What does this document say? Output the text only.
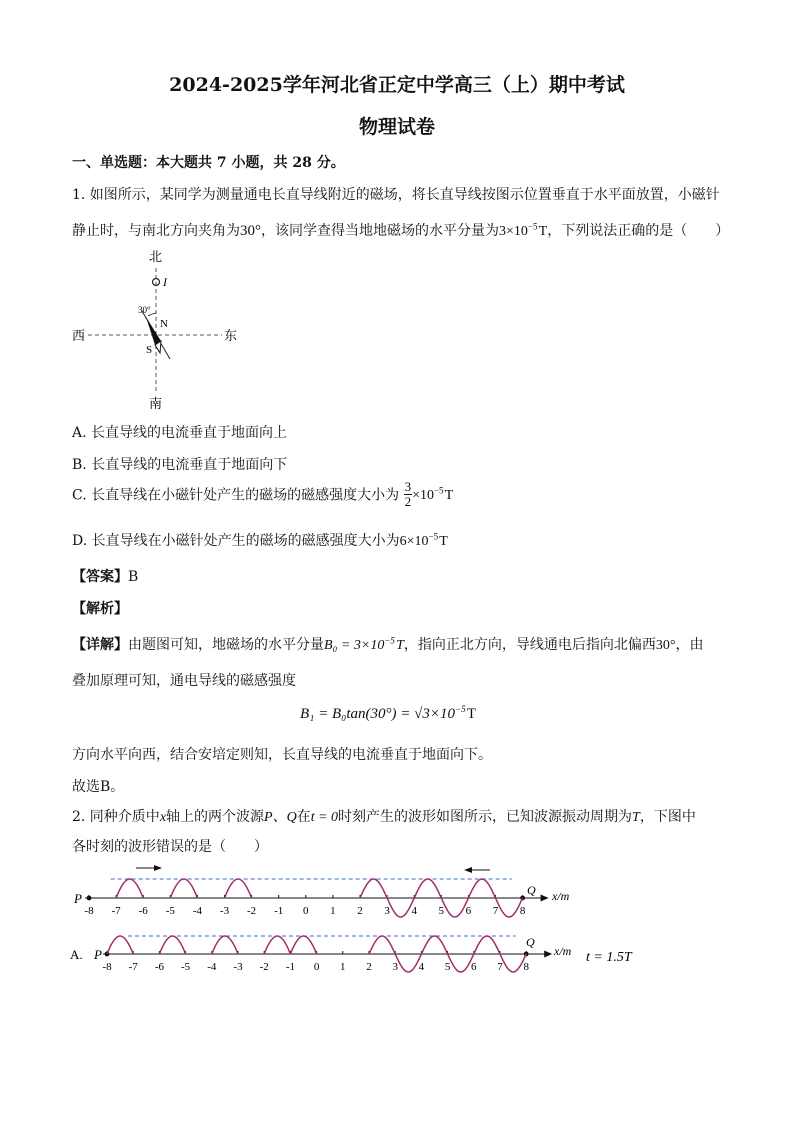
2024-2025学年河北省正定中学高三（上）期中考试
物理试卷
一、单选题：本大题共 7 小题，共 28 分。
1. 如图所示，某同学为测量通电长直导线附近的磁场，将长直导线按图示位置垂直于水平面放置，小磁针
静止时，与南北方向夹角为30°，该同学查得当地地磁场的水平分量为$3\times 10^{-5}$ T，下列说法正确的是（　　）
北
南
西	东
I
30°
N
S
A. 长直导线的电流垂直于地面向上
B. 长直导线的电流垂直于地面向下
C. 长直导线在小磁针处产生的磁场的磁感强度大小为 $\frac{3}{2} \times 10^{-5}$ T
D. 长直导线在小磁针处产生的磁场的磁感强度大小为$6\times 10^{-5}$ T
【答案】B
【解析】
【详解】由题图可知，地磁场的水平分量$B_0 = 3\times 10^{-5}$ T，指向正北方向，导线通电后指向北偏西30°，由
叠加原理可知，通电导线的磁感强度
$B_1 = B_0\tan(30^\circ) = √3\times 10^{-5}$ T
方向水平向西，结合安培定则知，长直导线的电流垂直于地面向下。
故选B。
2. 同种介质中x轴上的两个波源P、Q在t = 0时刻产生的波形如图所示，已知波源振动周期为T，下图中
各时刻的波形错误的是（　　）
P
Q x/m
-8 -7 -6 -5 -4 -3 -2 -1 0 1 2 3 4 5 6 7 8
A. P
Q
x/m t = 1.5T
-8 -7 -6 -5 -4 -3 -2 -1 0 1 2 3 4 5 6 7 8
